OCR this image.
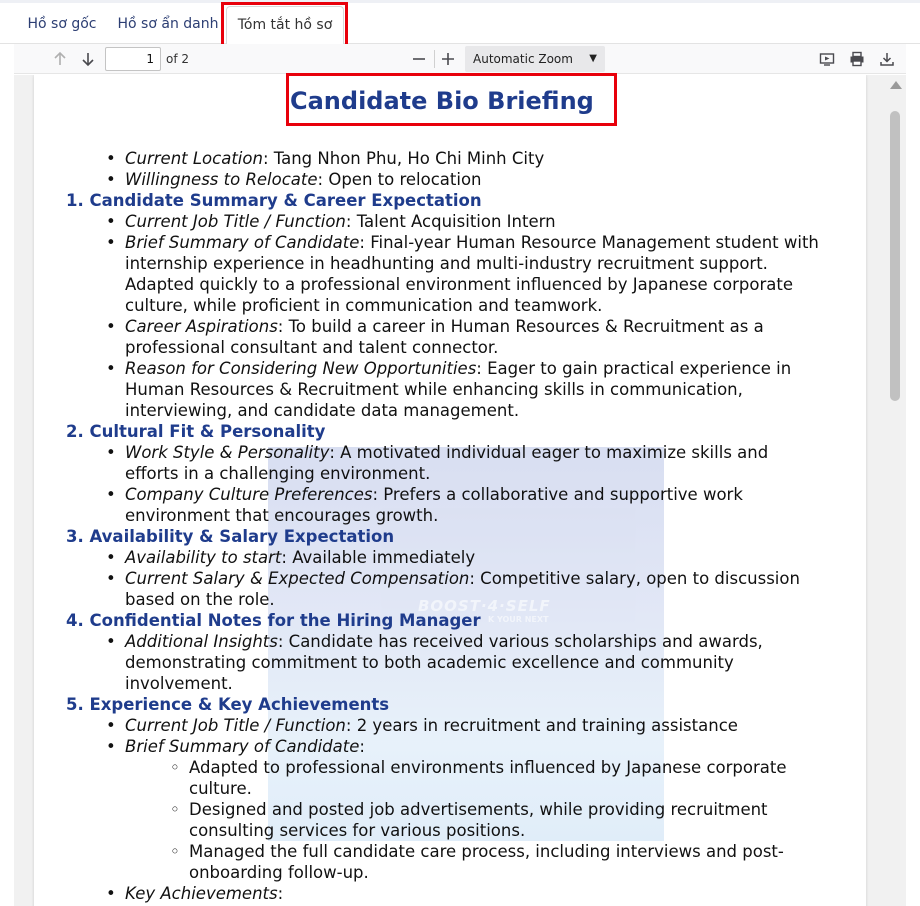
Hồ sơ gốc	Hồ sơ ẩn danh	Tóm tắt hồ sơ
1
of 2	Automatic Zoom ▼
BOOST·4·SELF
K YOUR NEXT
Candidate Bio Briefing
• Current Location: Tang Nhon Phu, Ho Chi Minh City
• Willingness to Relocate: Open to relocation
1. Candidate Summary & Career Expectation
• Current Job Title / Function: Talent Acquisition Intern
• Brief Summary of Candidate: Final-year Human Resource Management student with
internship experience in headhunting and multi-industry recruitment support.
Adapted quickly to a professional environment influenced by Japanese corporate
culture, while proficient in communication and teamwork.
• Career Aspirations: To build a career in Human Resources & Recruitment as a
professional consultant and talent connector.
• Reason for Considering New Opportunities: Eager to gain practical experience in
Human Resources & Recruitment while enhancing skills in communication,
interviewing, and candidate data management.
2. Cultural Fit & Personality
• Work Style & Personality: A motivated individual eager to maximize skills and
efforts in a challenging environment.
• Company Culture Preferences: Prefers a collaborative and supportive work
environment that encourages growth.
3. Availability & Salary Expectation
• Availability to start: Available immediately
• Current Salary & Expected Compensation: Competitive salary, open to discussion
based on the role.
4. Confidential Notes for the Hiring Manager
• Additional Insights: Candidate has received various scholarships and awards,
demonstrating commitment to both academic excellence and community
involvement.
5. Experience & Key Achievements
• Current Job Title / Function: 2 years in recruitment and training assistance
• Brief Summary of Candidate:
◦ Adapted to professional environments influenced by Japanese corporate
culture.
◦ Designed and posted job advertisements, while providing recruitment
consulting services for various positions.
◦ Managed the full candidate care process, including interviews and post-
onboarding follow-up.
• Key Achievements:
